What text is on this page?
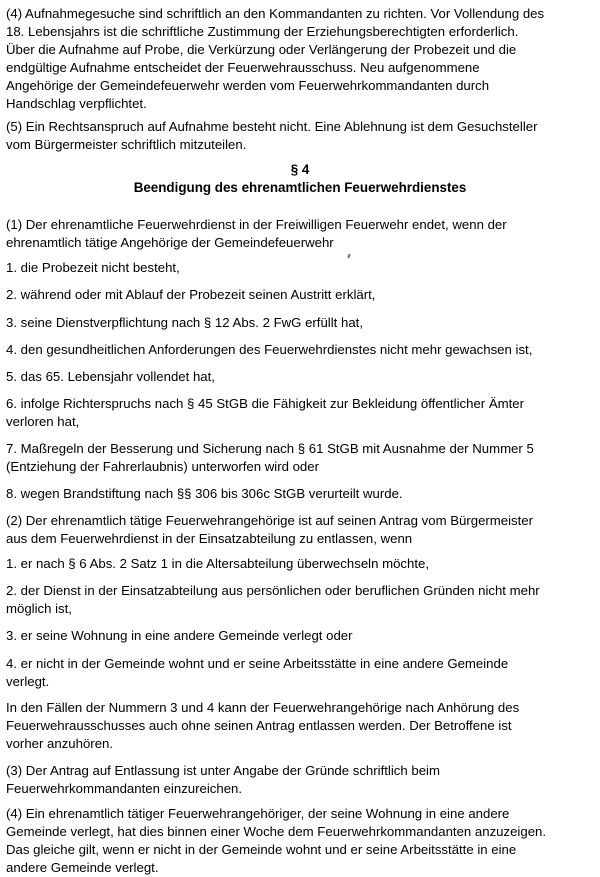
(4) Aufnahmegesuche sind schriftlich an den Kommandanten zu richten. Vor Vollendung des
18. Lebensjahrs ist die schriftliche Zustimmung der Erziehungsberechtigten erforderlich.
Über die Aufnahme auf Probe, die Verkürzung oder Verlängerung der Probezeit und die
endgültige Aufnahme entscheidet der Feuerwehrausschuss. Neu aufgenommene
Angehörige der Gemeindefeuerwehr werden vom Feuerwehrkommandanten durch
Handschlag verpflichtet.
(5) Ein Rechtsanspruch auf Aufnahme besteht nicht. Eine Ablehnung ist dem Gesuchsteller
vom Bürgermeister schriftlich mitzuteilen.
§ 4
Beendigung des ehrenamtlichen Feuerwehrdienstes
(1) Der ehrenamtliche Feuerwehrdienst in der Freiwilligen Feuerwehr endet, wenn der
ehrenamtlich tätige Angehörige der Gemeindefeuerwehr
1. die Probezeit nicht besteht,
2. während oder mit Ablauf der Probezeit seinen Austritt erklärt,
3. seine Dienstverpflichtung nach § 12 Abs. 2 FwG erfüllt hat,
4. den gesundheitlichen Anforderungen des Feuerwehrdienstes nicht mehr gewachsen ist,
5. das 65. Lebensjahr vollendet hat,
6. infolge Richterspruchs nach § 45 StGB die Fähigkeit zur Bekleidung öffentlicher Ämter
verloren hat,
7. Maßregeln der Besserung und Sicherung nach § 61 StGB mit Ausnahme der Nummer 5
(Entziehung der Fahrerlaubnis) unterworfen wird oder
8. wegen Brandstiftung nach §§ 306 bis 306c StGB verurteilt wurde.
(2) Der ehrenamtlich tätige Feuerwehrangehörige ist auf seinen Antrag vom Bürgermeister
aus dem Feuerwehrdienst in der Einsatzabteilung zu entlassen, wenn
1. er nach § 6 Abs. 2 Satz 1 in die Altersabteilung überwechseln möchte,
2. der Dienst in der Einsatzabteilung aus persönlichen oder beruflichen Gründen nicht mehr
möglich ist,
3. er seine Wohnung in eine andere Gemeinde verlegt oder
4. er nicht in der Gemeinde wohnt und er seine Arbeitsstätte in eine andere Gemeinde
verlegt.
In den Fällen der Nummern 3 und 4 kann der Feuerwehrangehörige nach Anhörung des
Feuerwehrausschusses auch ohne seinen Antrag entlassen werden. Der Betroffene ist
vorher anzuhören.
(3) Der Antrag auf Entlassung ist unter Angabe der Gründe schriftlich beim
Feuerwehrkommandanten einzureichen.
(4) Ein ehrenamtlich tätiger Feuerwehrangehöriger, der seine Wohnung in eine andere
Gemeinde verlegt, hat dies binnen einer Woche dem Feuerwehrkommandanten anzuzeigen.
Das gleiche gilt, wenn er nicht in der Gemeinde wohnt und er seine Arbeitsstätte in eine
andere Gemeinde verlegt.
